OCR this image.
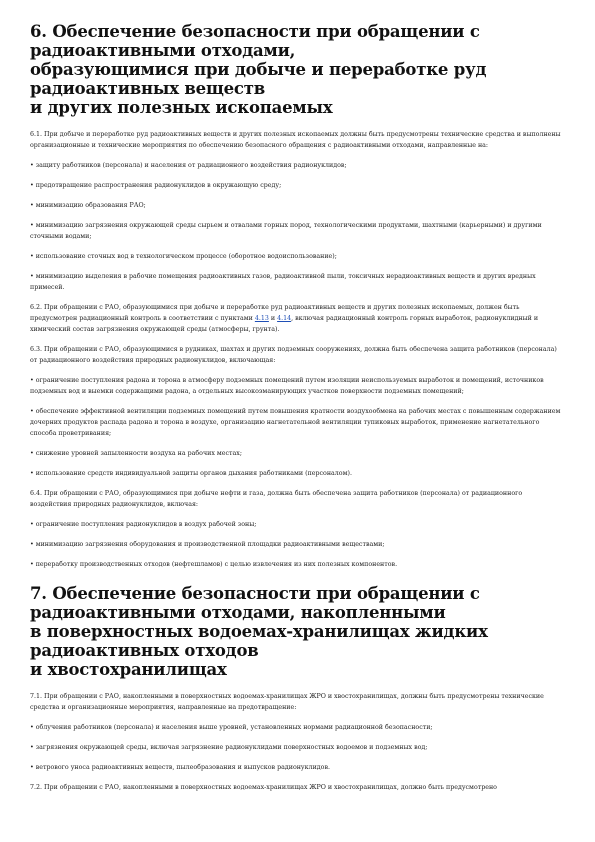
6. Обеспечение безопасности при обращении с
радиоактивными отходами,
образующимися при добыче и переработке руд
радиоактивных веществ
и других полезных ископаемых

6.1. При добыче и переработке руд радиоактивных веществ и других полезных ископаемых должны быть предусмотрены технические средства и выполнены организационные и технические мероприятия по обеспечению безопасного обращения с радиоактивными отходами, направленные на:

• защиту работников (персонала) и населения от радиационного воздействия радионуклидов;

• предотвращение распространения радионуклидов в окружающую среду;

• минимизацию образования РАО;

• минимизацию загрязнения окружающей среды сырьем и отвалами горных пород, технологическими продуктами, шахтными (карьерными) и другими сточными водами;

• использование сточных вод в технологическом процессе (оборотное водоиспользование);

• минимизацию выделения в рабочие помещения радиоактивных газов, радиоактивной пыли, токсичных нерадиоактивных веществ и других вредных примесей.

6.2. При обращении с РАО, образующимися при добыче и переработке руд радиоактивных веществ и других полезных ископаемых, должен быть предусмотрен радиационный контроль в соответствии с пунктами 4.13 и 4.14, включая радиационный контроль горных выработок, радионуклидный и химический состав загрязнения окружающей среды (атмосферы, грунта).

6.3. При обращении с РАО, образующимися в рудниках, шахтах и других подземных сооружениях, должна быть обеспечена защита работников (персонала) от радиационного воздействия природных радионуклидов, включающая:

• ограничение поступления радона и торона в атмосферу подземных помещений путем изоляции неиспользуемых выработок и помещений, источников подземных вод и выемки содержащими радона, а отдельных высокоэманирующих участков поверхности подземных помещений;

• обеспечение эффективной вентиляции подземных помещений путем повышения кратности воздухообмена на рабочих местах с повышенным содержанием дочерних продуктов распада радона и торона в воздухе, организацию нагнетательной вентиляции тупиковых выработок, применение нагнетательного способа проветривания;

• снижение уровней запыленности воздуха на рабочих местах;

• использование средств индивидуальной защиты органов дыхания работниками (персоналом).

6.4. При обращении с РАО, образующимися при добыче нефти и газа, должна быть обеспечена защита работников (персонала) от радиационного воздействия природных радионуклидов, включая:

• ограничение поступления радионуклидов в воздух рабочей зоны;

• минимизацию загрязнения оборудования и производственной площадки радиоактивными веществами;

• переработку производственных отходов (нефтешламов) с целью извлечения из них полезных компонентов.

7. Обеспечение безопасности при обращении с
радиоактивными отходами, накопленными
в поверхностных водоемах-хранилищах жидких
радиоактивных отходов
и хвостохранилищах

7.1. При обращении с РАО, накопленными в поверхностных водоемах-хранилищах ЖРО и хвостохранилищах, должны быть предусмотрены технические средства и организационные мероприятия, направленные на предотвращение:

• облучения работников (персонала) и населения выше уровней, установленных нормами радиационной безопасности;

• загрязнения окружающей среды, включая загрязнение радионуклидами поверхностных водоемов и подземных вод;

• ветрового уноса радиоактивных веществ, пылеобразования и выпусков радионуклидов.

7.2. При обращении с РАО, накопленными в поверхностных водоемах-хранилищах ЖРО и хвостохранилищах, должно быть предусмотрено
